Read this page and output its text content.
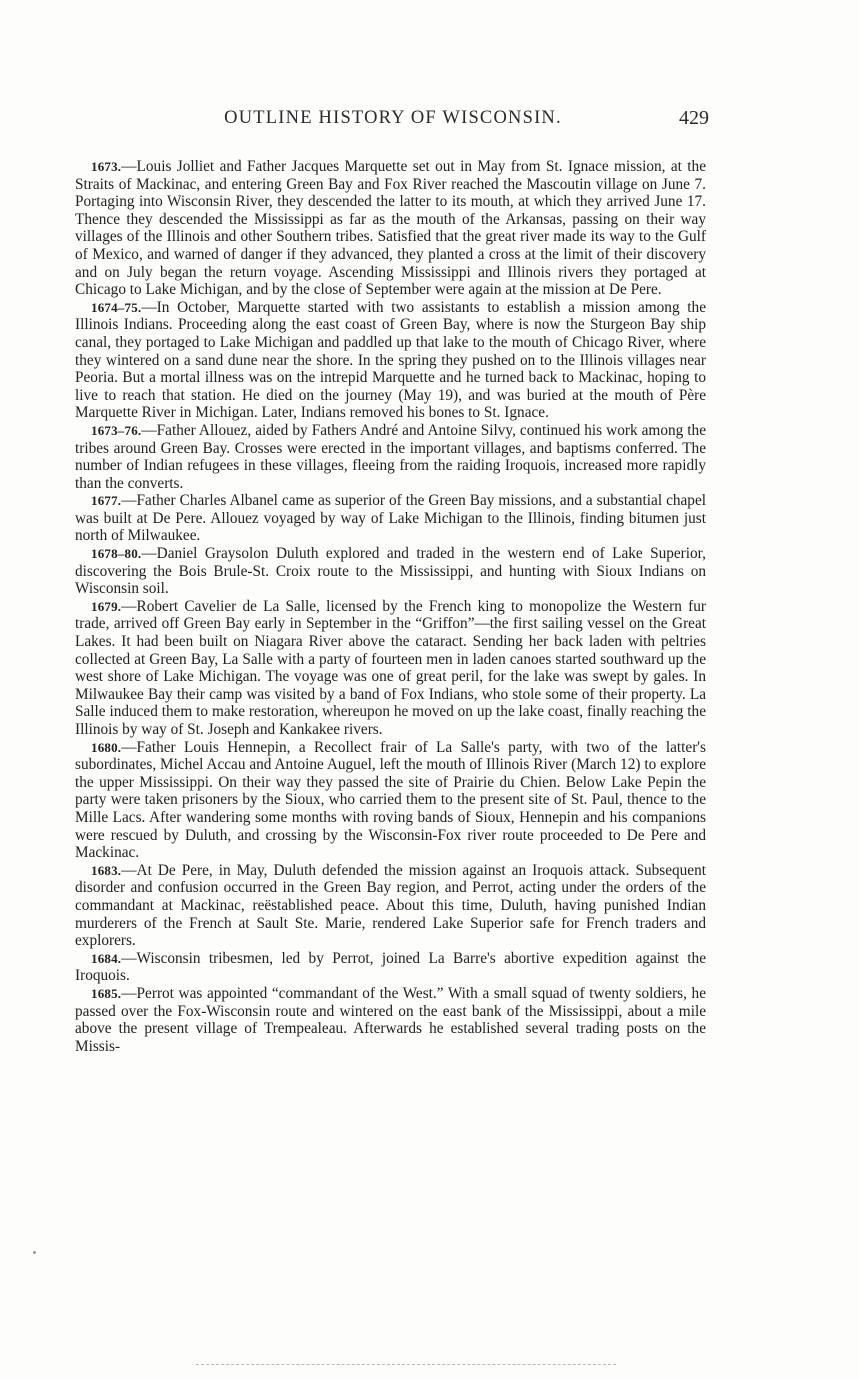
OUTLINE HISTORY OF WISCONSIN.	429

1673.—Louis Jolliet and Father Jacques Marquette set out in May from St. Ignace mission, at the Straits of Mackinac, and entering Green Bay and Fox River reached the Mascoutin village on June 7. Portaging into Wisconsin River, they descended the latter to its mouth, at which they arrived June 17. Thence they descended the Mississippi as far as the mouth of the Arkansas, passing on their way villages of the Illinois and other Southern tribes. Satisfied that the great river made its way to the Gulf of Mexico, and warned of danger if they advanced, they planted a cross at the limit of their discovery and on July began the return voyage. Ascending Mississippi and Illinois rivers they portaged at Chicago to Lake Michigan, and by the close of September were again at the mission at De Pere.

1674–75.—In October, Marquette started with two assistants to establish a mission among the Illinois Indians. Proceeding along the east coast of Green Bay, where is now the Sturgeon Bay ship canal, they portaged to Lake Michigan and paddled up that lake to the mouth of Chicago River, where they wintered on a sand dune near the shore. In the spring they pushed on to the Illinois villages near Peoria. But a mortal illness was on the intrepid Marquette and he turned back to Mackinac, hoping to live to reach that station. He died on the journey (May 19), and was buried at the mouth of Père Marquette River in Michigan. Later, Indians removed his bones to St. Ignace.

1673–76.—Father Allouez, aided by Fathers André and Antoine Silvy, continued his work among the tribes around Green Bay. Crosses were erected in the important villages, and baptisms conferred. The number of Indian refugees in these villages, fleeing from the raiding Iroquois, increased more rapidly than the converts.

1677.—Father Charles Albanel came as superior of the Green Bay missions, and a substantial chapel was built at De Pere. Allouez voyaged by way of Lake Michigan to the Illinois, finding bitumen just north of Milwaukee.

1678–80.—Daniel Graysolon Duluth explored and traded in the western end of Lake Superior, discovering the Bois Brule-St. Croix route to the Mississippi, and hunting with Sioux Indians on Wisconsin soil.

1679.—Robert Cavelier de La Salle, licensed by the French king to monopolize the Western fur trade, arrived off Green Bay early in September in the “Griffon”—the first sailing vessel on the Great Lakes. It had been built on Niagara River above the cataract. Sending her back laden with peltries collected at Green Bay, La Salle with a party of fourteen men in laden canoes started southward up the west shore of Lake Michigan. The voyage was one of great peril, for the lake was swept by gales. In Milwaukee Bay their camp was visited by a band of Fox Indians, who stole some of their property. La Salle induced them to make restoration, whereupon he moved on up the lake coast, finally reaching the Illinois by way of St. Joseph and Kankakee rivers.

1680.—Father Louis Hennepin, a Recollect frair of La Salle's party, with two of the latter's subordinates, Michel Accau and Antoine Auguel, left the mouth of Illinois River (March 12) to explore the upper Mississippi. On their way they passed the site of Prairie du Chien. Below Lake Pepin the party were taken prisoners by the Sioux, who carried them to the present site of St. Paul, thence to the Mille Lacs. After wandering some months with roving bands of Sioux, Hennepin and his companions were rescued by Duluth, and crossing by the Wisconsin-Fox river route proceeded to De Pere and Mackinac.

1683.—At De Pere, in May, Duluth defended the mission against an Iroquois attack. Subsequent disorder and confusion occurred in the Green Bay region, and Perrot, acting under the orders of the commandant at Mackinac, reëstablished peace. About this time, Duluth, having punished Indian murderers of the French at Sault Ste. Marie, rendered Lake Superior safe for French traders and explorers.

1684.—Wisconsin tribesmen, led by Perrot, joined La Barre's abortive expedition against the Iroquois.

1685.—Perrot was appointed “commandant of the West.” With a small squad of twenty soldiers, he passed over the Fox-Wisconsin route and wintered on the east bank of the Mississippi, about a mile above the present village of Trempealeau. Afterwards he established several trading posts on the Missis-
